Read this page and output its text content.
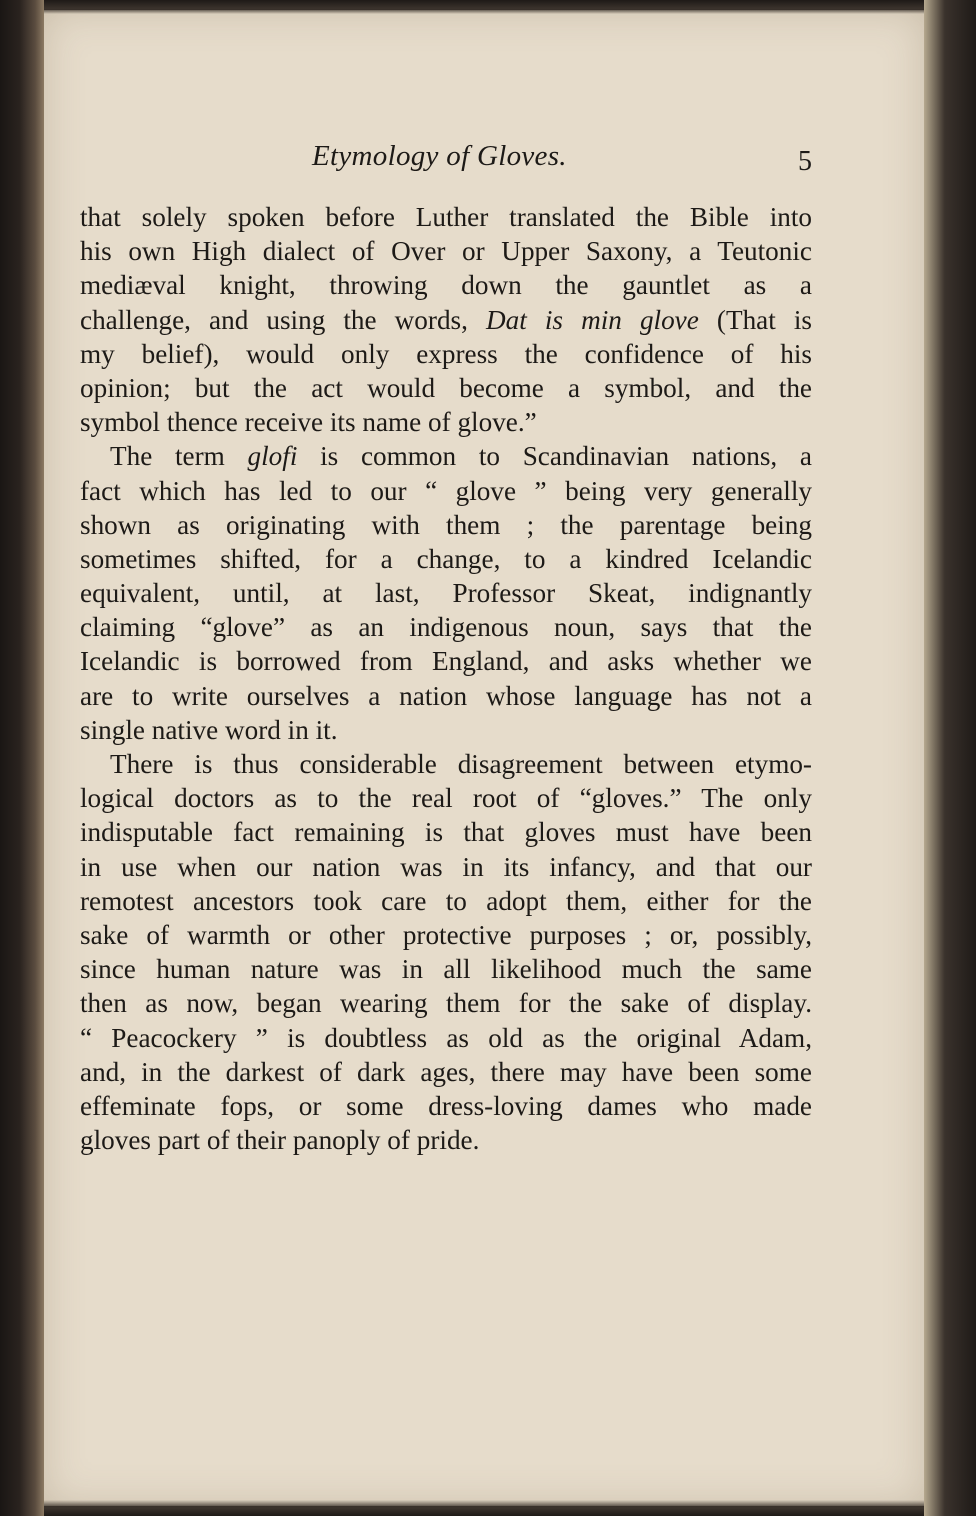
Etymology of Gloves.	5
that solely spoken before Luther translated the Bible into
his own High dialect of Over or Upper Saxony, a Teutonic
mediæval knight, throwing down the gauntlet as a
challenge, and using the words, Dat is min glove (That is
my belief), would only express the confidence of his
opinion; but the act would become a symbol, and the
symbol thence receive its name of glove.”
The term glofi is common to Scandinavian nations, a
fact which has led to our “ glove ” being very generally
shown as originating with them ; the parentage being
sometimes shifted, for a change, to a kindred Icelandic
equivalent, until, at last, Professor Skeat, indignantly
claiming “glove” as an indigenous noun, says that the
Icelandic is borrowed from England, and asks whether we
are to write ourselves a nation whose language has not a
single native word in it.
There is thus considerable disagreement between etymo-
logical doctors as to the real root of “gloves.” The only
indisputable fact remaining is that gloves must have been
in use when our nation was in its infancy, and that our
remotest ancestors took care to adopt them, either for the
sake of warmth or other protective purposes ; or, possibly,
since human nature was in all likelihood much the same
then as now, began wearing them for the sake of display.
“ Peacockery ” is doubtless as old as the original Adam,
and, in the darkest of dark ages, there may have been some
effeminate fops, or some dress-loving dames who made
gloves part of their panoply of pride.
